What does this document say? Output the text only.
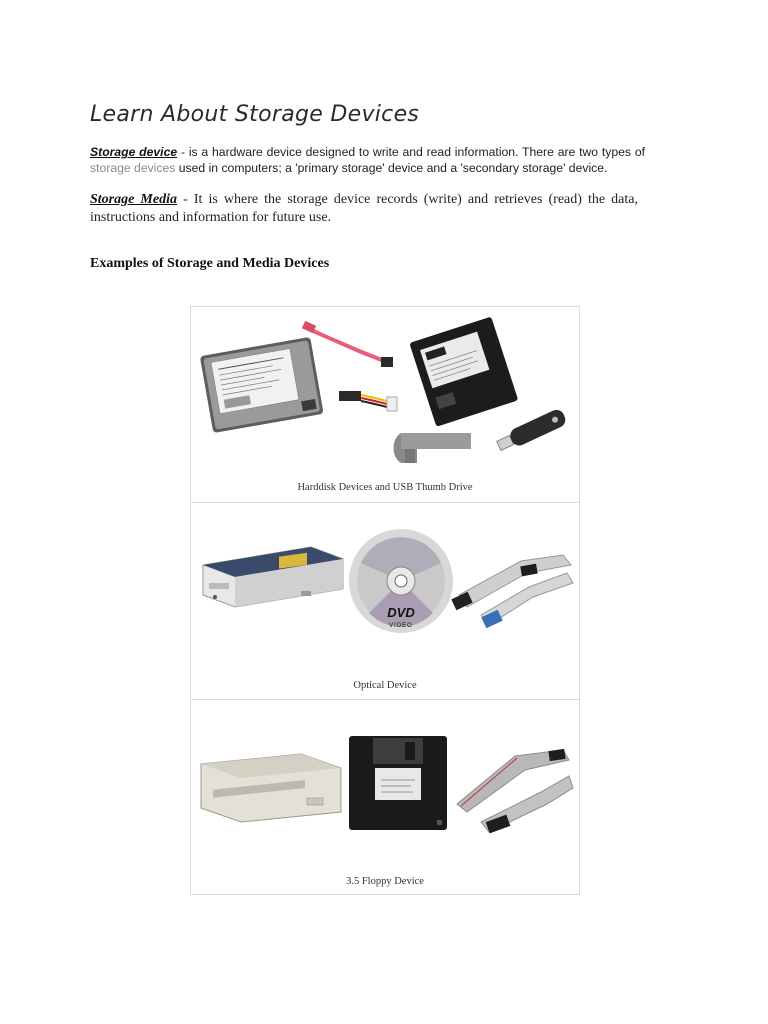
Learn About Storage Devices

Storage device - is a hardware device designed to write and read information. There are two types of storage devices used in computers; a 'primary storage' device and a 'secondary storage' device.

Storage Media - It is where the storage device records (write) and retrieves (read) the data, instructions and information for future use.

Examples of Storage and Media Devices
Harddisk Devices and USB Thumb Drive
DVD
VIDEO
Optical Device
3.5 Floppy Device
